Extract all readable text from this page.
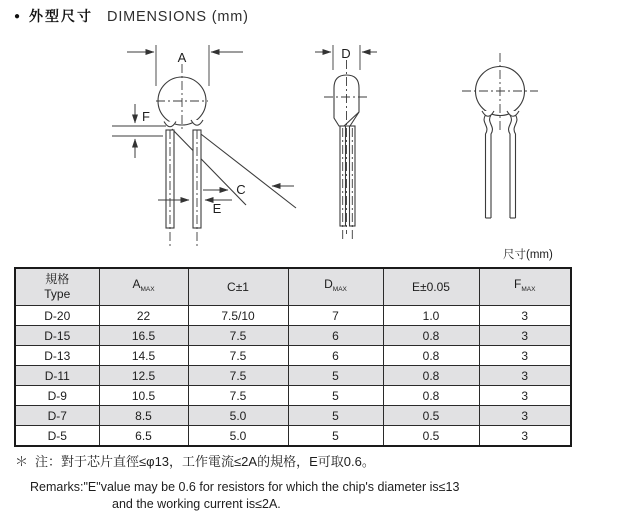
● 外型尺寸 DIMENSIONS (mm)
A
F
C
E
D
尺寸(mm)
規格
Type	$A_{MAX}$	C±1	$D_{MAX}$	E±0.05	$F_{MAX}$
D-20	22	7.5/10	7	1.0	3
D-15	16.5	7.5	6	0.8	3
D-13	14.5	7.5	6	0.8	3
D-11	12.5	7.5	5	0.8	3
D-9	10.5	7.5	5	0.8	3
D-7	8.5	5.0	5	0.5	3
D-5	6.5	5.0	5	0.5	3
＊ 注：對于芯片直徑≤φ13，工作電流≤2A的規格，E可取0.6。
Remarks:"E"value may be 0.6 for resistors for which the chip's diameter is≤13
and the working current is≤2A.
